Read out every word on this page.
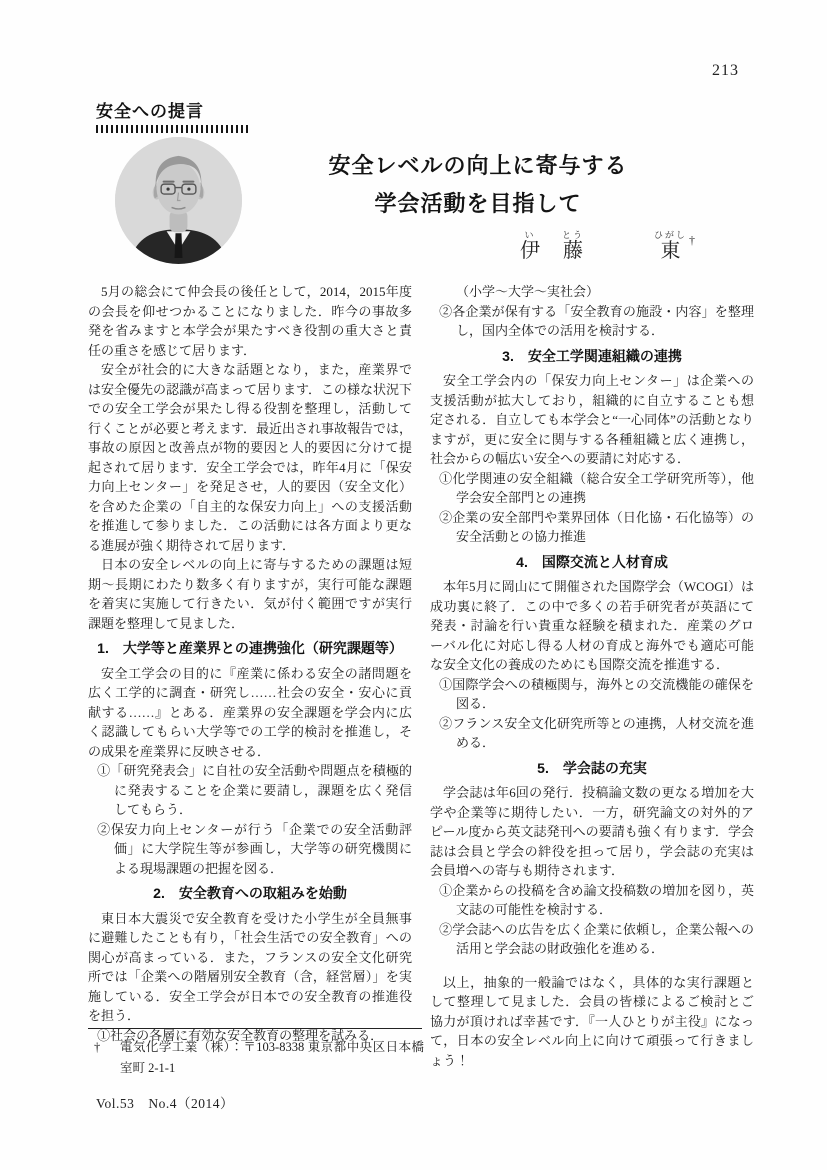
213
安全への提言
安全レベルの向上に寄与する
学会活動を目指して
伊い
藤とう
東ひがし †

5月の総会にて仲会長の後任として，2014，2015年度の会長を仰せつかることになりました．昨今の事故多発を省みますと本学会が果たすべき役割の重大さと責任の重さを感じて居ります．

安全が社会的に大きな話題となり，また，産業界では安全優先の認識が高まって居ります．この様な状況下での安全工学会が果たし得る役割を整理し，活動して行くことが必要と考えます．最近出され事故報告では，事故の原因と改善点が物的要因と人的要因に分けて提起されて居ります．安全工学会では，昨年4月に「保安力向上センター」を発足させ，人的要因（安全文化）を含めた企業の「自主的な保安力向上」への支援活動を推進して参りました．この活動には各方面より更なる進展が強く期待されて居ります．

日本の安全レベルの向上に寄与するための課題は短期〜長期にわたり数多く有りますが，実行可能な課題を着実に実施して行きたい．気が付く範囲ですが実行課題を整理して見ました．

1.　大学等と産業界との連携強化（研究課題等）

安全工学会の目的に『産業に係わる安全の諸問題を広く工学的に調査・研究し……社会の安全・安心に貢献する……』とある．産業界の安全課題を学会内に広く認識してもらい大学等での工学的検討を推進し，その成果を産業界に反映させる．

①「研究発表会」に自社の安全活動や問題点を積極的に発表することを企業に要請し，課題を広く発信してもらう．

②保安力向上センターが行う「企業での安全活動評価」に大学院生等が参画し，大学等の研究機関による現場課題の把握を図る．

2.　安全教育への取組みを始動

東日本大震災で安全教育を受けた小学生が全員無事に避難したことも有り，「社会生活での安全教育」への関心が高まっている．また，フランスの安全文化研究所では「企業への階層別安全教育（含，経営層）」を実施している．安全工学会が日本での安全教育の推進役を担う．

①社会の各層に有効な安全教育の整理を試みる．

（小学〜大学〜実社会）

②各企業が保有する「安全教育の施設・内容」を整理し，国内全体での活用を検討する．

3.　安全工学関連組織の連携

安全工学会内の「保安力向上センター」は企業への支援活動が拡大しており，組織的に自立することも想定される．自立しても本学会と“一心同体”の活動となりますが，更に安全に関与する各種組織と広く連携し，社会からの幅広い安全への要請に対応する．

①化学関連の安全組織（総合安全工学研究所等），他学会安全部門との連携

②企業の安全部門や業界団体（日化協・石化協等）の安全活動との協力推進

4.　国際交流と人材育成

本年5月に岡山にて開催された国際学会（WCOGI）は成功裏に終了．この中で多くの若手研究者が英語にて発表・討論を行い貴重な経験を積まれた．産業のグローバル化に対応し得る人材の育成と海外でも適応可能な安全文化の養成のためにも国際交流を推進する．

①国際学会への積極関与，海外との交流機能の確保を図る．

②フランス安全文化研究所等との連携，人材交流を進める．

5.　学会誌の充実

学会誌は年6回の発行．投稿論文数の更なる増加を大学や企業等に期待したい．一方，研究論文の対外的アピール度から英文誌発刊への要請も強く有ります．学会誌は会員と学会の絆役を担って居り，学会誌の充実は会員増への寄与も期待されます．

①企業からの投稿を含め論文投稿数の増加を図り，英文誌の可能性を検討する．

②学会誌への広告を広く企業に依頼し，企業公報への活用と学会誌の財政強化を進める．

以上，抽象的一般論ではなく，具体的な実行課題として整理して見ました．会員の皆様によるご検討とご協力が頂ければ幸甚です．『一人ひとりが主役』になって，日本の安全レベル向上に向けて頑張って行きましょう！

†	電気化学工業（株）：〒103-8338 東京都中央区日本橋室町 2-1-1
Vol.53　No.4（2014）
